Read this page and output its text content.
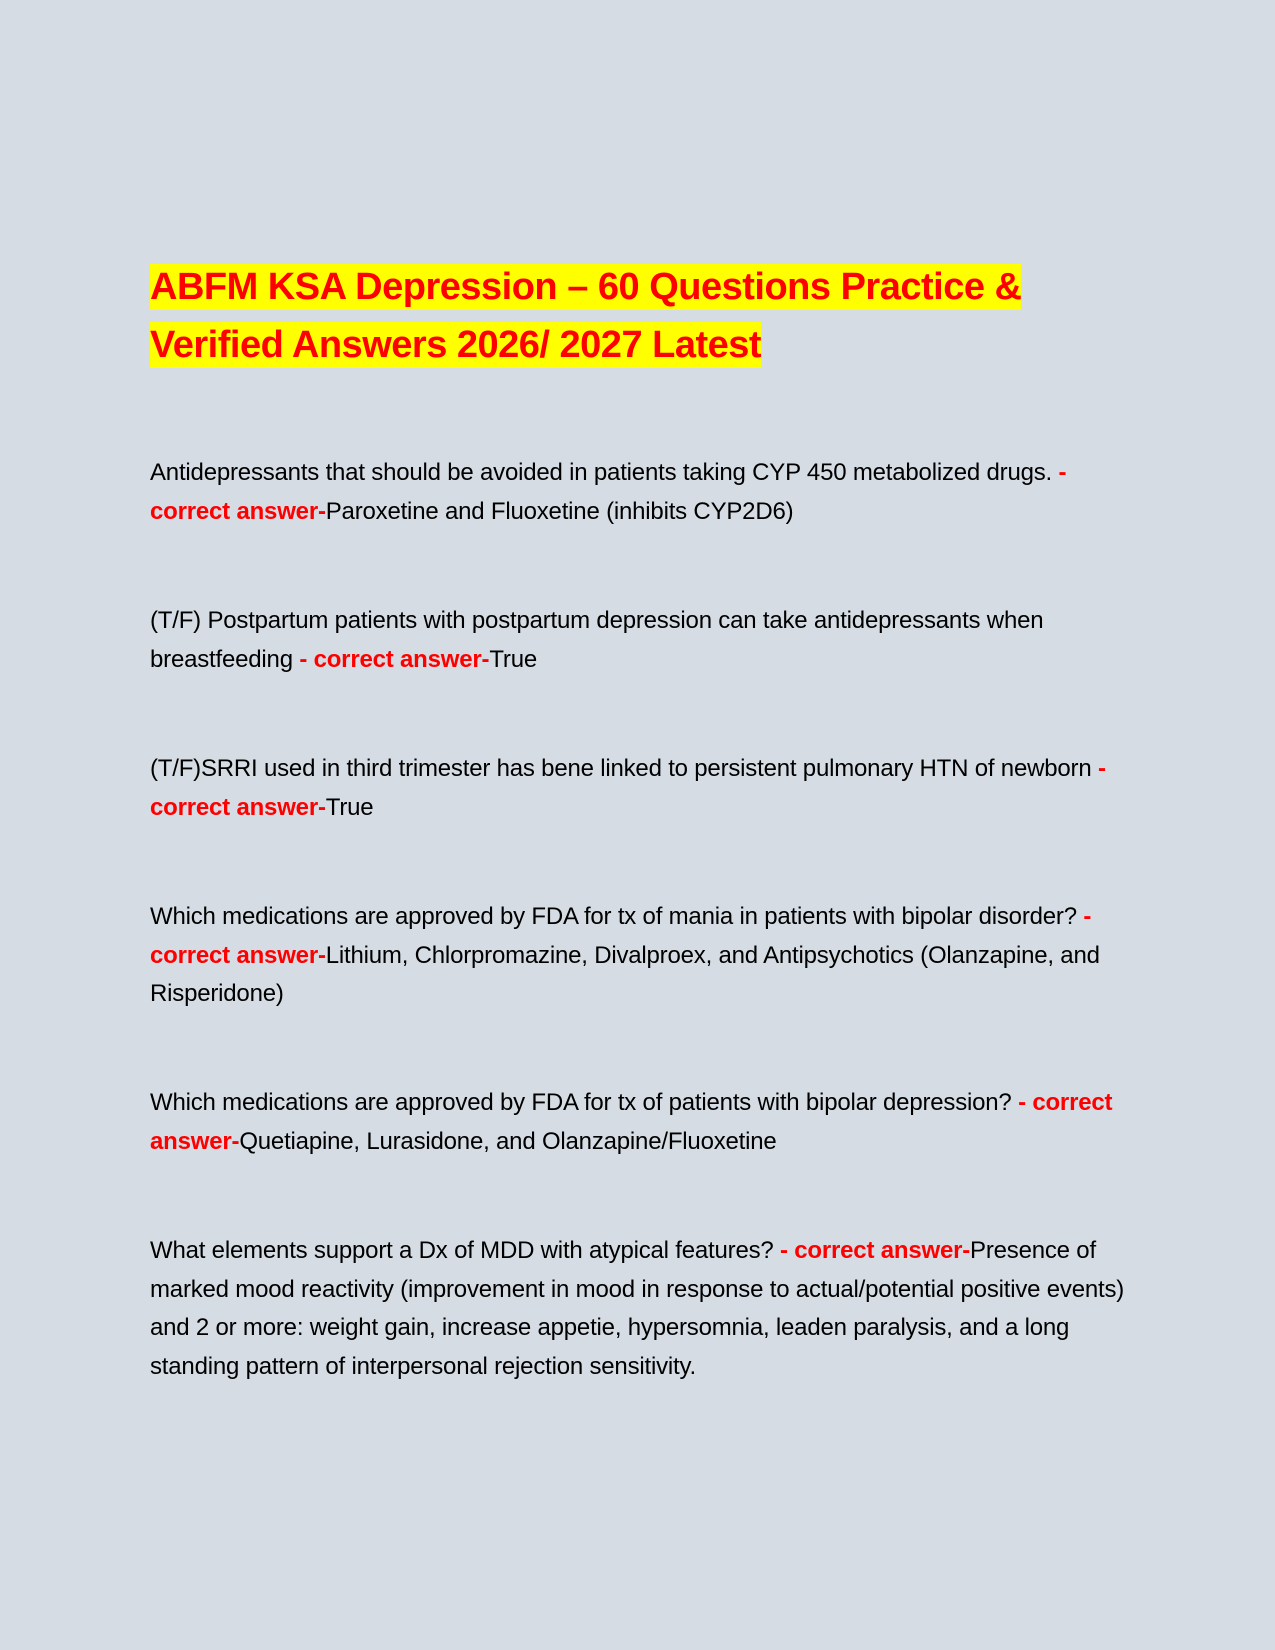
ABFM KSA Depression – 60 Questions Practice &
Verified Answers 2026/ 2027 Latest

Antidepressants that should be avoided in patients taking CYP 450 metabolized drugs. - correct answer-Paroxetine and Fluoxetine (inhibits CYP2D6)

(T/F) Postpartum patients with postpartum depression can take antidepressants when breastfeeding - correct answer-True

(T/F)SRRI used in third trimester has bene linked to persistent pulmonary HTN of newborn - correct answer-True

Which medications are approved by FDA for tx of mania in patients with bipolar disorder? - correct answer-Lithium, Chlorpromazine, Divalproex, and Antipsychotics (Olanzapine, and Risperidone)

Which medications are approved by FDA for tx of patients with bipolar depression? - correct answer-Quetiapine, Lurasidone, and Olanzapine/Fluoxetine

What elements support a Dx of MDD with atypical features? - correct answer-Presence of marked mood reactivity (improvement in mood in response to actual/potential positive events) and 2 or more: weight gain, increase appetie, hypersomnia, leaden paralysis, and a long standing pattern of interpersonal rejection sensitivity.
